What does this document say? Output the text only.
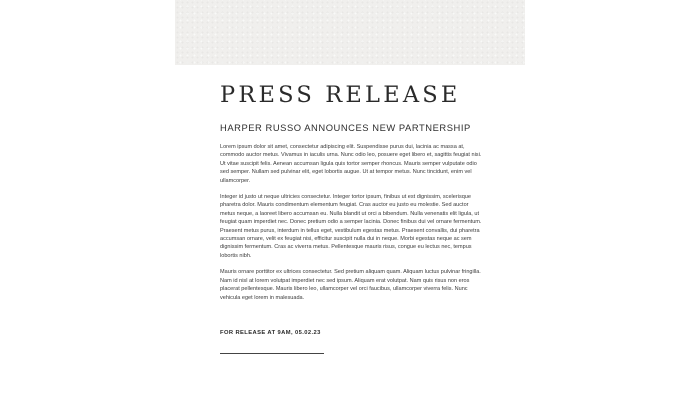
PRESS RELEASE
HARPER RUSSO ANNOUNCES NEW PARTNERSHIP

Lorem ipsum dolor sit amet, consectetur adipiscing elit. Suspendisse purus dui, lacinia ac massa at, commodo auctor metus. Vivamus in iaculis urna. Nunc odio leo, posuere eget libero et, sagittis feugiat nisi. Ut vitae suscipit felis. Aenean accumsan ligula quis tortor semper rhoncus. Mauris semper vulputate odio sed semper. Nullam sed pulvinar elit, eget lobortis augue. Ut at tempor metus. Nunc tincidunt, enim vel ullamcorper.

Integer id justo ut neque ultricies consectetur. Integer tortor ipsum, finibus ut est dignissim, scelerisque pharetra dolor. Mauris condimentum elementum feugiat. Cras auctor eu justo eu molestie. Sed auctor metus neque, a laoreet libero accumsan eu. Nulla blandit ut orci a bibendum. Nulla venenatis elit ligula, ut feugiat quam imperdiet nec. Donec pretium odio a semper lacinia. Donec finibus dui vel ornare fermentum. Praesent metus purus, interdum in tellus eget, vestibulum egestas metus. Praesent convallis, dui pharetra accumsan ornare, velit ex feugiat nisi, efficitur suscipit nulla dui in neque. Morbi egestas neque ac sem dignissim fermentum. Cras ac viverra metus. Pellentesque mauris risus, congue eu lectus nec, tempus lobortis nibh.

Mauris ornare porttitor ex ultrices consectetur. Sed pretium aliquam quam. Aliquam luctus pulvinar fringilla. Nam id nisl at lorem volutpat imperdiet nec sed ipsum. Aliquam erat volutpat. Nam quis risus non eros placerat pellentesque. Mauris libero leo, ullamcorper vel orci faucibus, ullamcorper viverra felis. Nunc vehicula eget lorem in malesuada.

FOR RELEASE AT 9AM, 05.02.23
